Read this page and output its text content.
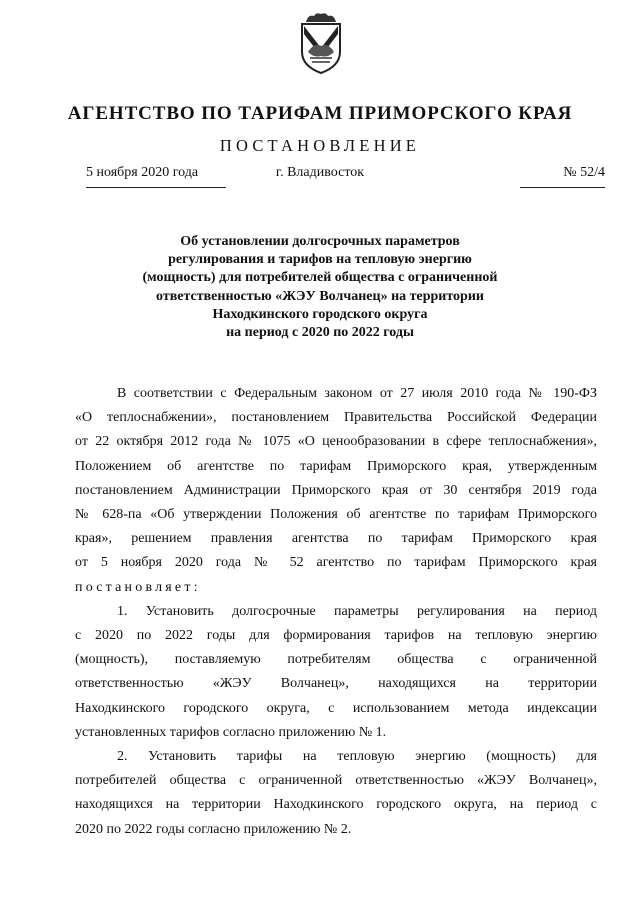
АГЕНТСТВО ПО ТАРИФАМ ПРИМОРСКОГО КРАЯ
ПОСТАНОВЛЕНИЕ
5 ноября 2020 года	г. Владивосток	№ 52/4
Об установлении долгосрочных параметров
регулирования и тарифов на тепловую энергию
(мощность) для потребителей общества с ограниченной
ответственностью «ЖЭУ Волчанец» на территории
Находкинского городского округа
на период с 2020 по 2022 годы
В соответствии с Федеральным законом от 27 июля 2010 года № 190-ФЗ
«О теплоснабжении», постановлением Правительства Российской Федерации
от 22 октября 2012 года № 1075 «О ценообразовании в сфере теплоснабжения»,
Положением об агентстве по тарифам Приморского края, утвержденным
постановлением Администрации Приморского края от 30 сентября 2019 года
№ 628-па «Об утверждении Положения об агентстве по тарифам Приморского
края», решением правления агентства по тарифам Приморского края
от 5 ноября 2020 года № 52 агентство по тарифам Приморского края
постановляет:
1. Установить долгосрочные параметры регулирования на период
с 2020 по 2022 годы для формирования тарифов на тепловую энергию
(мощность), поставляемую потребителям общества с ограниченной
ответственностью «ЖЭУ Волчанец», находящихся на территории
Находкинского городского округа, с использованием метода индексации
установленных тарифов согласно приложению № 1.
2. Установить тарифы на тепловую энергию (мощность) для
потребителей общества с ограниченной ответственностью «ЖЭУ Волчанец»,
находящихся на территории Находкинского городского округа, на период с
2020 по 2022 годы согласно приложению № 2.
